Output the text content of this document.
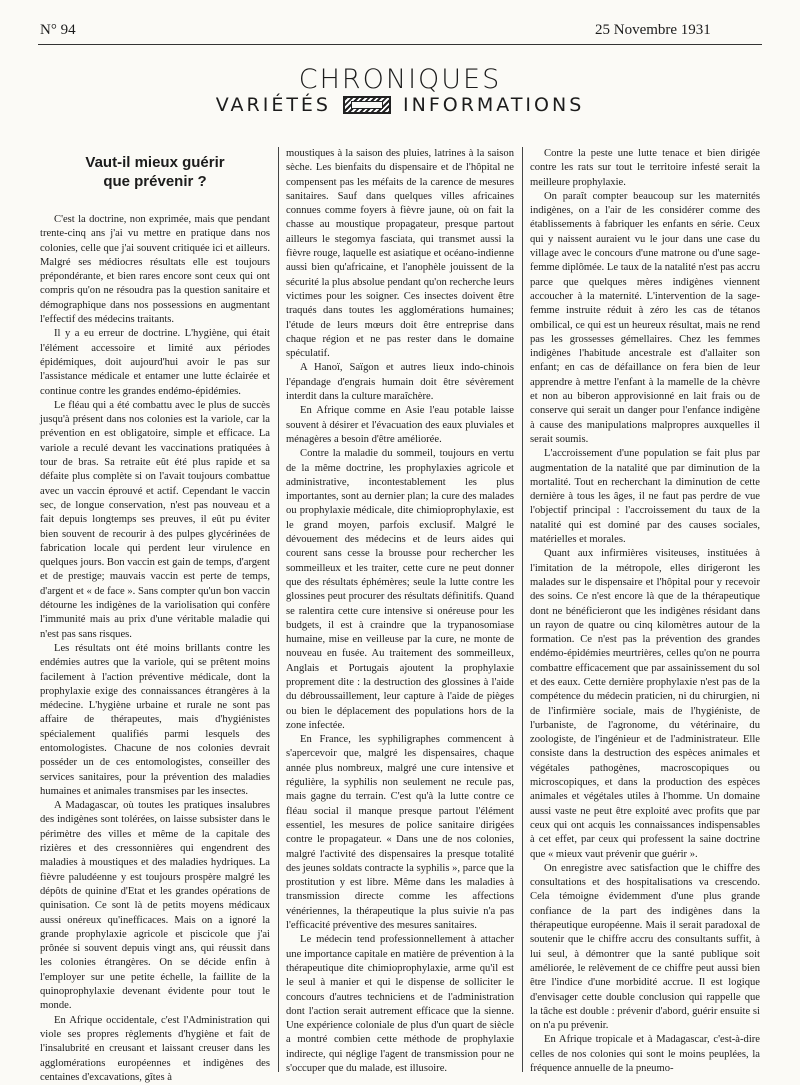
N° 94	25 Novembre 1931
CHRONIQUES
VARIÉTÉS	INFORMATIONS
Vaut-il mieux guérir
que prévenir ?

C'est la doctrine, non exprimée, mais que pendant trente-cinq ans j'ai vu mettre en pratique dans nos colonies, celle que j'ai souvent critiquée ici et ailleurs. Malgré ses médiocres résultats elle est toujours prépondérante, et bien rares encore sont ceux qui ont compris qu'on ne résoudra pas la question sanitaire et démographique dans nos possessions en augmentant l'effectif des médecins traitants.

Il y a eu erreur de doctrine. L'hygiène, qui était l'élément accessoire et limité aux périodes épidémiques, doit aujourd'hui avoir le pas sur l'assistance médicale et entamer une lutte éclairée et continue contre les grandes endémo-épidémies.

Le fléau qui a été combattu avec le plus de succès jusqu'à présent dans nos colonies est la variole, car la prévention en est obligatoire, simple et efficace. La variole a reculé devant les vaccinations pratiquées à tour de bras. Sa retraite eût été plus rapide et sa défaite plus complète si on l'avait toujours combattue avec un vaccin éprouvé et actif. Cependant le vaccin sec, de longue conservation, n'est pas nouveau et a fait depuis longtemps ses preuves, il eût pu éviter bien souvent de recourir à des pulpes glycérinées de fabrication locale qui perdent leur virulence en quelques jours. Bon vaccin est gain de temps, d'argent et de prestige; mauvais vaccin est perte de temps, d'argent et « de face ». Sans compter qu'un bon vaccin détourne les indigènes de la variolisation qui confère l'immunité mais au prix d'une véritable maladie qui n'est pas sans risques.

Les résultats ont été moins brillants contre les endémies autres que la variole, qui se prêtent moins facilement à l'action préventive médicale, dont la prophylaxie exige des connaissances étrangères à la médecine. L'hygiène urbaine et rurale ne sont pas affaire de thérapeutes, mais d'hygiénistes spécialement qualifiés parmi lesquels des entomologistes. Chacune de nos colonies devrait posséder un de ces entomologistes, conseiller des services sanitaires, pour la prévention des maladies humaines et animales transmises par les insectes.

A Madagascar, où toutes les pratiques insalubres des indigènes sont tolérées, on laisse subsister dans le périmètre des villes et même de la capitale des rizières et des cressonnières qui engendrent des maladies à moustiques et des maladies hydriques. La fièvre paludéenne y est toujours prospère malgré les dépôts de quinine d'Etat et les grandes opérations de quinisation. Ce sont là de petits moyens médicaux aussi onéreux qu'inefficaces. Mais on a ignoré la grande prophylaxie agricole et piscicole que j'ai prônée si souvent depuis vingt ans, qui réussit dans les colonies étrangères. On se décide enfin à l'employer sur une petite échelle, la faillite de la quinoprophylaxie devenant évidente pour tout le monde.

En Afrique occidentale, c'est l'Administration qui viole ses propres règlements d'hygiène et fait de l'insalubrité en creusant et laissant creuser dans les agglomérations européennes et indigènes des centaines d'excavations, gîtes à

moustiques à la saison des pluies, latrines à la saison sèche. Les bienfaits du dispensaire et de l'hôpital ne compensent pas les méfaits de la carence de mesures sanitaires. Sauf dans quelques villes africaines connues comme foyers à fièvre jaune, où on fait la chasse au moustique propagateur, presque partout ailleurs le stegomya fasciata, qui transmet aussi la fièvre rouge, laquelle est asiatique et océano-indienne aussi bien qu'africaine, et l'anophèle jouissent de la sécurité la plus absolue pendant qu'on recherche leurs victimes pour les soigner. Ces insectes doivent être traqués dans toutes les agglomérations humaines; l'étude de leurs mœurs doit être entreprise dans chaque région et ne pas rester dans le domaine spéculatif.

A Hanoï, Saïgon et autres lieux indo-chinois l'épandage d'engrais humain doit être sévèrement interdit dans la culture maraîchère.

En Afrique comme en Asie l'eau potable laisse souvent à désirer et l'évacuation des eaux pluviales et ménagères a besoin d'être améliorée.

Contre la maladie du sommeil, toujours en vertu de la même doctrine, les prophylaxies agricole et administrative, incontestablement les plus importantes, sont au dernier plan; la cure des malades ou prophylaxie médicale, dite chimioprophylaxie, est le grand moyen, parfois exclusif. Malgré le dévouement des médecins et de leurs aides qui courent sans cesse la brousse pour rechercher les sommeilleux et les traiter, cette cure ne peut donner que des résultats éphémères; seule la lutte contre les glossines peut procurer des résultats définitifs. Quand se ralentira cette cure intensive si onéreuse pour les budgets, il est à craindre que la trypanosomiase humaine, mise en veilleuse par la cure, ne monte de nouveau en fusée. Au traitement des sommeilleux, Anglais et Portugais ajoutent la prophylaxie proprement dite : la destruction des glossines à l'aide du débroussaillement, leur capture à l'aide de pièges ou bien le déplacement des populations hors de la zone infectée.

En France, les syphiligraphes commencent à s'apercevoir que, malgré les dispensaires, chaque année plus nombreux, malgré une cure intensive et régulière, la syphilis non seulement ne recule pas, mais gagne du terrain. C'est qu'à la lutte contre ce fléau social il manque presque partout l'élément essentiel, les mesures de police sanitaire dirigées contre le propagateur. « Dans une de nos colonies, malgré l'activité des dispensaires la presque totalité des jeunes soldats contracte la syphilis », parce que la prostitution y est libre. Même dans les maladies à transmission directe comme les affections vénériennes, la thérapeutique la plus suivie n'a pas l'efficacité préventive des mesures sanitaires.

Le médecin tend professionnellement à attacher une importance capitale en matière de prévention à la thérapeutique dite chimioprophylaxie, arme qu'il est le seul à manier et qui le dispense de solliciter le concours d'autres techniciens et de l'administration dont l'action serait autrement efficace que la sienne. Une expérience coloniale de plus d'un quart de siècle a montré combien cette méthode de prophylaxie indirecte, qui néglige l'agent de transmission pour ne s'occuper que du malade, est illusoire.

Contre la peste une lutte tenace et bien dirigée contre les rats sur tout le territoire infesté serait la meilleure prophylaxie.

On paraît compter beaucoup sur les maternités indigènes, on a l'air de les considérer comme des établissements à fabriquer les enfants en série. Ceux qui y naissent auraient vu le jour dans une case du village avec le concours d'une matrone ou d'une sage-femme diplômée. Le taux de la natalité n'est pas accru parce que quelques mères indigènes viennent accoucher à la maternité. L'intervention de la sage-femme instruite réduit à zéro les cas de tétanos ombilical, ce qui est un heureux résultat, mais ne rend pas les grossesses gémellaires. Chez les femmes indigènes l'habitude ancestrale est d'allaiter son enfant; en cas de défaillance on fera bien de leur apprendre à mettre l'enfant à la mamelle de la chèvre et non au biberon approvisionné en lait frais ou de conserve qui serait un danger pour l'enfance indigène à cause des manipulations malpropres auxquelles il serait soumis.

L'accroissement d'une population se fait plus par augmentation de la natalité que par diminution de la mortalité. Tout en recherchant la diminution de cette dernière à tous les âges, il ne faut pas perdre de vue l'objectif principal : l'accroissement du taux de la natalité qui est dominé par des causes sociales, matérielles et morales.

Quant aux infirmières visiteuses, instituées à l'imitation de la métropole, elles dirigeront les malades sur le dispensaire et l'hôpital pour y recevoir des soins. Ce n'est encore là que de la thérapeutique dont ne bénéficieront que les indigènes résidant dans un rayon de quatre ou cinq kilomètres autour de la formation. Ce n'est pas la prévention des grandes endémo-épidémies meurtrières, celles qu'on ne pourra combattre efficacement que par assainissement du sol et des eaux. Cette dernière prophylaxie n'est pas de la compétence du médecin praticien, ni du chirurgien, ni de l'infirmière sociale, mais de l'hygiéniste, de l'urbaniste, de l'agronome, du vétérinaire, du zoologiste, de l'ingénieur et de l'administrateur. Elle consiste dans la destruction des espèces animales et végétales pathogènes, macroscopiques ou microscopiques, et dans la production des espèces animales et végétales utiles à l'homme. Un domaine aussi vaste ne peut être exploité avec profits que par ceux qui ont acquis les connaissances indispensables à cet effet, par ceux qui professent la saine doctrine que « mieux vaut prévenir que guérir ».

On enregistre avec satisfaction que le chiffre des consultations et des hospitalisations va crescendo. Cela témoigne évidemment d'une plus grande confiance de la part des indigènes dans la thérapeutique européenne. Mais il serait paradoxal de soutenir que le chiffre accru des consultants suffit, à lui seul, à démontrer que la santé publique soit améliorée, le relèvement de ce chiffre peut aussi bien être l'indice d'une morbidité accrue. Il est logique d'envisager cette double conclusion qui rappelle que la tâche est double : prévenir d'abord, guérir ensuite si on n'a pu prévenir.

En Afrique tropicale et à Madagascar, c'est-à-dire celles de nos colonies qui sont le moins peuplées, la fréquence annuelle de la pneumo-
